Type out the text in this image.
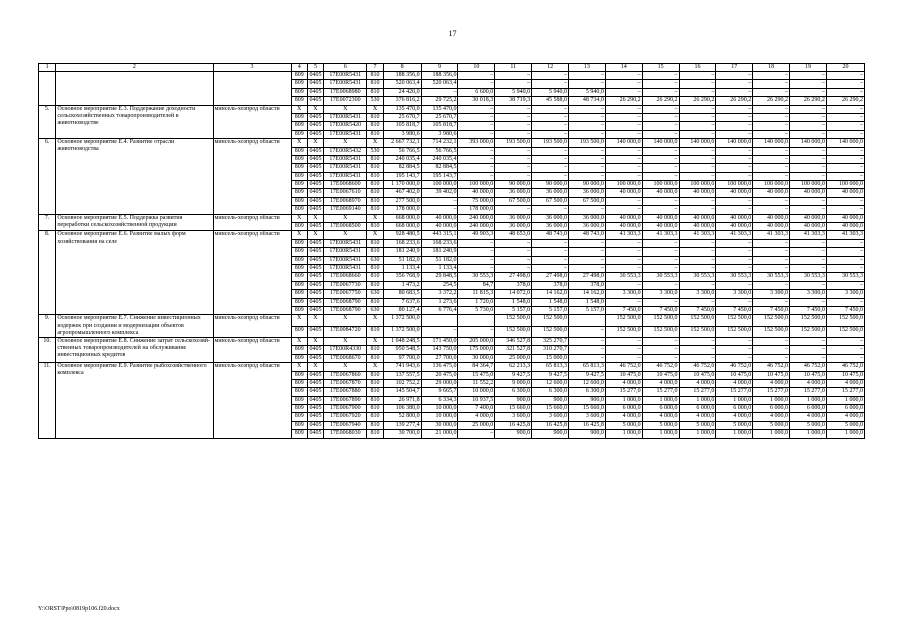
17
1	2	3	4	5	6	7	8	9	10	11	12	13	14	15	16	17	18	19	20
			809	0405	17Е00R5431	810	188 356,0	188 356,0	–	–	–	–	–	–	–	–	–	–	–
			809	0405	17Е00R5431	810	520 063,4	520 063,4	–	–	–	–	–	–	–	–	–	–	–
			809	0405	17Е0068980	810	24 420,0	–	6 600,0	5 940,0	5 940,0	5 940,0	–	–	–	–	–	–	–
			809	0405	17Е0072300	530	376 816,2	29 725,2	30 018,3	38 719,3	45 588,0	48 734,0	26 290,2	26 290,2	26 290,2	26 290,2	26 290,2	26 290,2	26 290,2
5.	Основное мероприятие Е.3. Поддержание доходности сельскохозяйственных товаропроизводителей в животноводстве	минсель-хозпрод области	Х	Х	Х	Х	135 470,0	135 470,0	–	–	–	–	–	–	–	–	–	–	–
			809	0405	17Е00R5431	810	25 670,7	25 670,7	–	–	–	–	–	–	–	–	–	–	–
			809	0405	17Е00R5420	810	105 818,7	105 818,7	–	–	–	–	–	–	–	–	–	–	–
			809	0405	17Е00R5431	810	3 980,6	3 980,6	–	–	–	–	–	–	–	–	–	–	–
6.	Основное мероприятие Е.4. Развитие отрасли животноводства	минсель-хозпрод области	Х	Х	Х	Х	2 667 732,1	714 232,1	393 000,0	193 500,0	193 500,0	193 500,0	140 000,0	140 000,0	140 000,0	140 000,0	140 000,0	140 000,0	140 000,0
			809	0405	17Е00R5432	530	56 766,5	56 766,5	–	–	–	–	–	–	–	–	–	–	–
			809	0405	17Е00R5431	810	240 035,4	240 035,4	–	–	–	–	–	–	–	–	–	–	–
			809	0405	17Е00R5431	810	82 884,5	82 884,5	–	–	–	–	–	–	–	–	–	–	–
			809	0405	17Е00R5431	810	195 143,7	195 143,7	–	–	–	–	–	–	–	–	–	–	–
			809	0405	17Е0068600	810	1 170 000,0	100 000,0	100 000,0	90 000,0	90 000,0	90 000,0	100 000,0	100 000,0	100 000,0	100 000,0	100 000,0	100 000,0	100 000,0
			809	0405	17Е0067610	810	467 402,0	39 402,0	40 000,0	36 000,0	36 000,0	36 000,0	40 000,0	40 000,0	40 000,0	40 000,0	40 000,0	40 000,0	40 000,0
			809	0405	17Е0068970	810	277 500,0	–	75 000,0	67 500,0	67 500,0	67 500,0	–	–	–	–	–	–	–
			809	0405	17Е0069140	810	178 000,0	–	178 000,0	–	–	–	–	–	–	–	–	–	–
7.	Основное мероприятие Е.5. Поддержка развития переработки сельскохозяйственной продукции	минсель-хозпрод области	Х	Х	Х	Х	668 000,0	40 000,0	240 000,0	36 000,0	36 000,0	36 000,0	40 000,0	40 000,0	40 000,0	40 000,0	40 000,0	40 000,0	40 000,0
			809	0405	17Е0068500	810	668 000,0	40 000,0	240 000,0	36 000,0	36 000,0	36 000,0	40 000,0	40 000,0	40 000,0	40 000,0	40 000,0	40 000,0	40 000,0
8.	Основное мероприятие Е.6. Развитие малых форм хозяйствования на селе	минсель-хозпрод области	Х	Х	Х	Х	928 480,5	443 315,1	49 903,3	48 653,0	48 743,0	48 743,0	41 303,3	41 303,3	41 303,3	41 303,3	41 303,3	41 303,3	41 303,3
			809	0405	17Е00R5431	810	168 233,6	168 233,6	–	–	–	–	–	–	–	–	–	–	–
			809	0405	17Е00R5431	810	181 240,9	181 240,9	–	–	–	–	–	–	–	–	–	–	–
			809	0405	17Е00R5431	630	51 182,0	51 182,0	–	–	–	–	–	–	–	–	–	–	–
			809	0405	17Е00R5431	810	1 133,4	1 133,4	–	–	–	–	–	–	–	–	–	–	–
			809	0405	17Е0068660	810	356 768,9	29 848,5	30 553,3	27 498,0	27 498,0	27 498,0	30 553,3	30 553,3	30 553,3	30 553,3	30 553,3	30 553,3	30 553,3
			809	0405	17Е0067730	810	1 473,2	254,5	84,7	378,0	378,0	378,0	–	–	–	–	–	–	–
			809	0405	17Е0067750	630	80 683,5	3 372,2	11 815,3	14 072,0	14 162,0	14 162,0	3 300,0	3 300,0	3 300,0	3 300,0	3 300,0	3 300,0	3 300,0
			809	0405	17Е0068790	810	7 637,6	1 273,6	1 720,0	1 548,0	1 548,0	1 548,0	–	–	–	–	–	–	–
			809	0405	17Е0068790	630	80 127,4	6 776,4	5 730,0	5 157,0	5 157,0	5 157,0	7 450,0	7 450,0	7 450,0	7 450,0	7 450,0	7 450,0	7 450,0
9.	Основное мероприятие Е.7. Снижение инвестиционных издержек при создании и модернизации объектов агропромышленного комплекса	минсель-хозпрод области	Х	Х	Х	Х	1 372 500,0			152 500,0	152 500,0		152 500,0	152 500,0	152 500,0	152 500,0	152 500,0	152 500,0	152 500,0
			809	0405	17Е0084720	810	1 372 500,0	–	–	152 500,0	152 500,0	–	152 500,0	152 500,0	152 500,0	152 500,0	152 500,0	152 500,0	152 500,0
10.	Основное мероприятие Е.8. Снижение затрат сельскохозяй-ственных товаропроизводителей на обслуживание инвестиционных кредитов	минсель-хозпрод области	Х	Х	Х	Х	1 048 248,5	171 450,0	205 000,0	346 527,8	325 270,7	–	–	–	–	–	–	–	–
			809	0405	17Е00R4330	810	950 548,5	143 750,0	175 000,0	321 527,8	310 270,7	–	–	–	–	–	–	–	–
			809	0405	17Е0068670	810	97 700,0	27 700,0	30 000,0	25 000,0	15 000,0	–	–	–	–	–	–	–	–
11.	Основное мероприятие Е.9. Развитие рыбохозяйственного комплекса	минсель-хозпрод области	Х	Х	Х	Х	741 943,6	136 475,0	84 364,7	62 213,3	65 813,3	65 813,3	46 752,0	46 752,0	46 752,0	46 752,0	46 752,0	46 752,0	46 752,0
			809	0405	17Е0067860	810	137 557,5	20 475,0	15 475,0	9 427,5	9 427,5	9 427,5	10 475,0	10 475,0	10 475,0	10 475,0	10 475,0	10 475,0	10 475,0
			809	0405	17Е0067870	810	102 752,2	29 000,0	11 552,2	9 000,0	12 600,0	12 600,0	4 000,0	4 000,0	4 000,0	4 000,0	4 000,0	4 000,0	4 000,0
			809	0405	17Е0067880	810	145 504,7	9 665,7	10 000,0	6 300,0	6 300,0	6 300,0	15 277,0	15 277,0	15 277,0	15 277,0	15 277,0	15 277,0	15 277,0
			809	0405	17Е0067890	810	26 971,8	6 334,3	10 937,5	900,0	900,0	900,0	1 000,0	1 000,0	1 000,0	1 000,0	1 000,0	1 000,0	1 000,0
			809	0405	17Е0067900	810	106 380,0	10 000,0	7 400,0	15 660,0	15 660,0	15 660,0	6 000,0	6 000,0	6 000,0	6 000,0	6 000,0	6 000,0	6 000,0
			809	0405	17Е0067920	810	52 800,0	10 000,0	4 000,0	3 600,0	3 600,0	3 600,0	4 000,0	4 000,0	4 000,0	4 000,0	4 000,0	4 000,0	4 000,0
			809	0405	17Е0067940	810	139 277,4	30 000,0	25 000,0	16 425,8	16 425,8	16 425,8	5 000,0	5 000,0	5 000,0	5 000,0	5 000,0	5 000,0	5 000,0
			809	0405	17Е0068030	810	30 700,0	21 000,0	–	900,0	900,0	900,0	1 000,0	1 000,0	1 000,0	1 000,0	1 000,0	1 000,0	1 000,0
Y:\ORST\Ppo\0819p106.f20.docx
